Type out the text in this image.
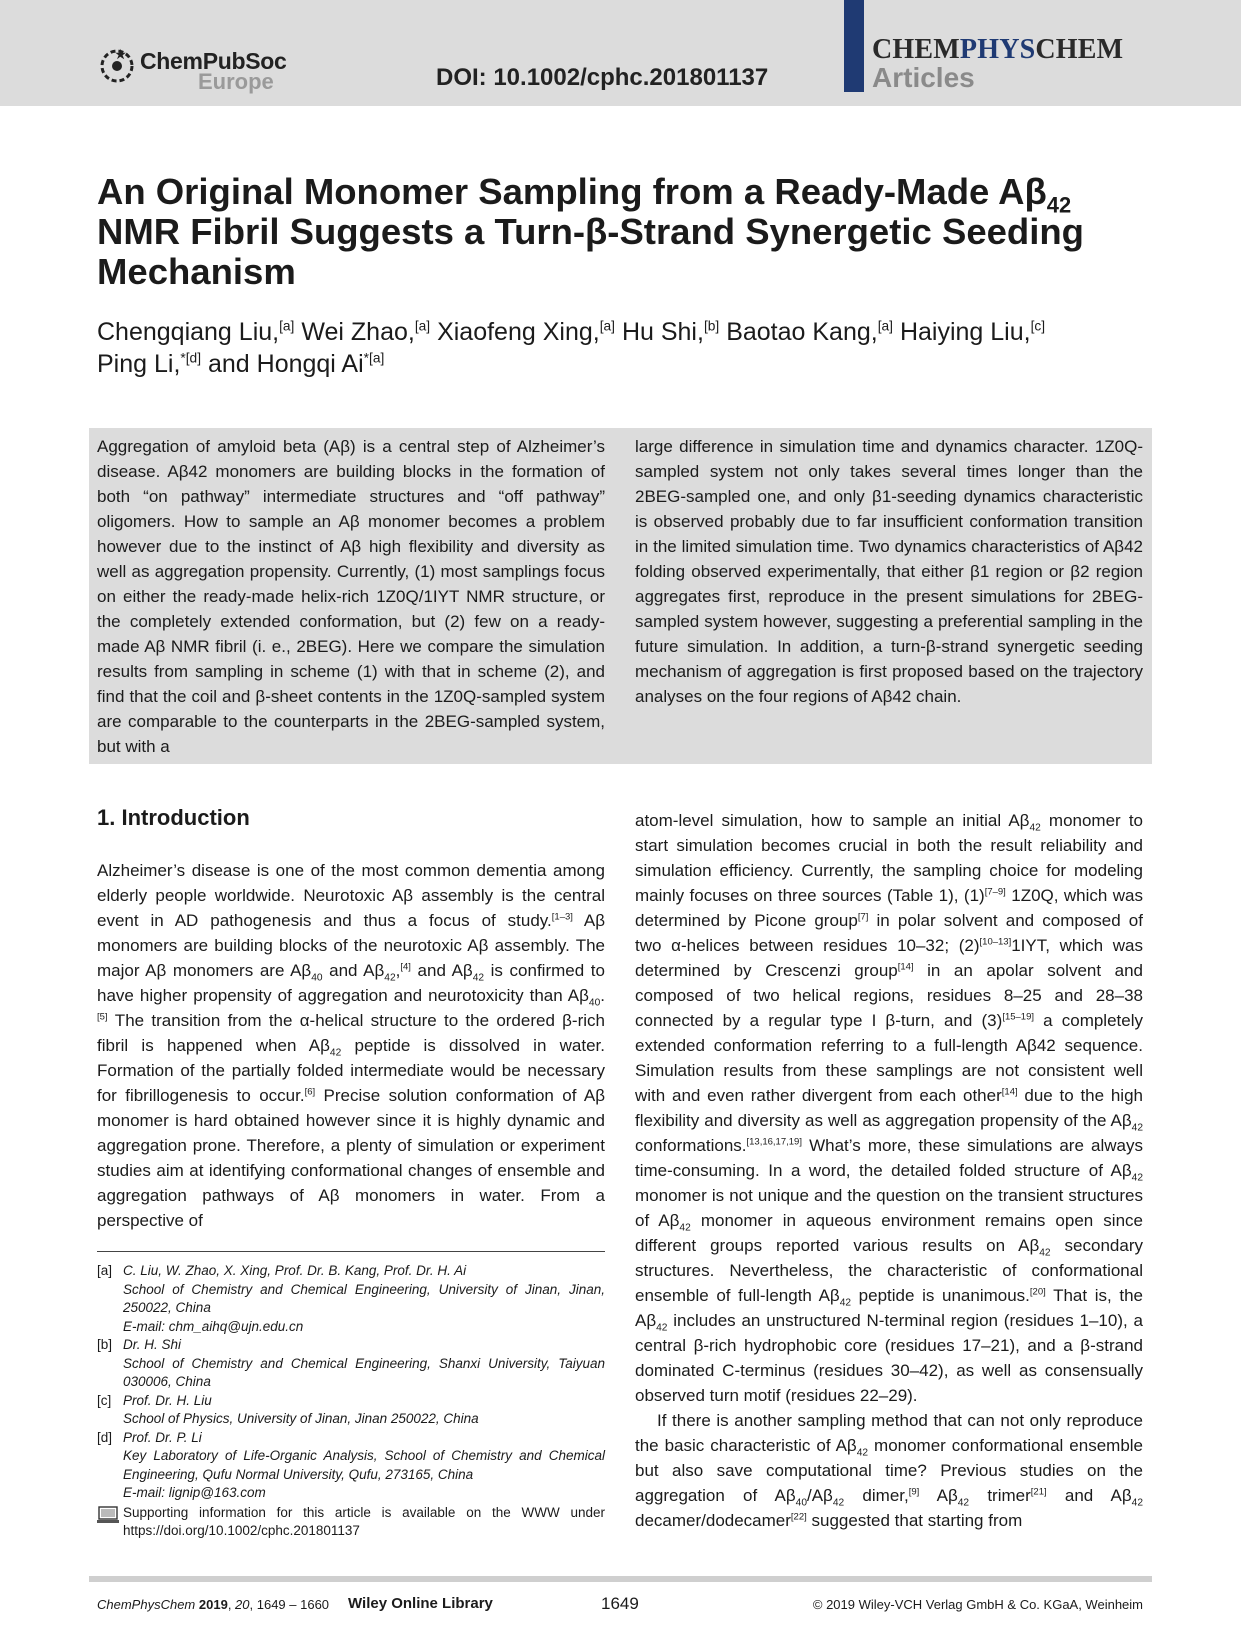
ChemPubSoc
Europe	DOI: 10.1002/cphc.201801137
CHEMPHYSCHEM
Articles
An Original Monomer Sampling from a Ready-Made $A\beta_{42}$
NMR Fibril Suggests a Turn-β-Strand Synergetic Seeding
Mechanism
Chengqiang Liu,[a] Wei Zhao,[a] Xiaofeng Xing,[a] Hu Shi,[b] Baotao Kang,[a] Haiying Liu,[c]
Ping Li,$^{*[d]}$ and Hongqi $Ai^{*[a]}$
Aggregation of amyloid beta (Aβ) is a central step of Alzheimer’s disease. Aβ42 monomers are building blocks in the formation of both “on pathway” intermediate structures and “off pathway” oligomers. How to sample an Aβ monomer becomes a problem however due to the instinct of Aβ high flexibility and diversity as well as aggregation propensity. Currently, (1) most samplings focus on either the ready-made helix-rich 1Z0Q/1IYT NMR structure, or the completely extended conformation, but (2) few on a ready-made Aβ NMR fibril (i. e., 2BEG). Here we compare the simulation results from sampling in scheme (1) with that in scheme (2), and find that the coil and β-sheet contents in the 1Z0Q-sampled system are comparable to the counterparts in the 2BEG-sampled system, but with a
large difference in simulation time and dynamics character. 1Z0Q-sampled system not only takes several times longer than the 2BEG-sampled one, and only β1-seeding dynamics characteristic is observed probably due to far insufficient conformation transition in the limited simulation time. Two dynamics characteristics of Aβ42 folding observed experimentally, that either β1 region or β2 region aggregates first, reproduce in the present simulations for 2BEG-sampled system however, suggesting a preferential sampling in the future simulation. In addition, a turn-β-strand synergetic seeding mechanism of aggregation is first proposed based on the trajectory analyses on the four regions of Aβ42 chain.
1. Introduction
Alzheimer’s disease is one of the most common dementia among elderly people worldwide. Neurotoxic Aβ assembly is the central event in AD pathogenesis and thus a focus of study.[1–3] Aβ monomers are building blocks of the neurotoxic Aβ assembly. The major Aβ monomers are $A\beta_{40}$ and $A\beta_{42},[4]$ and $A\beta_{42}$ is confirmed to have higher propensity of aggregation and neurotoxicity than $A\beta_{40}.[5]$ The transition from the α-helical structure to the ordered β-rich fibril is happened when $A\beta_{42}$ peptide is dissolved in water. Formation of the partially folded intermediate would be necessary for fibrillogenesis to occur.[6] Precise solution conformation of Aβ monomer is hard obtained however since it is highly dynamic and aggregation prone. Therefore, a plenty of simulation or experiment studies aim at identifying conformational changes of ensemble and aggregation pathways of Aβ monomers in water. From a perspective of

atom-level simulation, how to sample an initial $A\beta_{42}$ monomer to start simulation becomes crucial in both the result reliability and simulation efficiency. Currently, the sampling choice for modeling mainly focuses on three sources (Table 1), (1)[7–9] 1Z0Q, which was determined by Picone group[7] in polar solvent and composed of two α-helices between residues 10–32; (2)[10–13]1IYT, which was determined by Crescenzi group[14] in an apolar solvent and composed of two helical regions, residues 8–25 and 28–38 connected by a regular type I β-turn, and (3)[15–19] a completely extended conformation referring to a full-length Aβ42 sequence. Simulation results from these samplings are not consistent well with and even rather divergent from each other[14] due to the high flexibility and diversity as well as aggregation propensity of the $A\beta_{42}$ conformations.[13,16,17,19] What’s more, these simulations are always time-consuming. In a word, the detailed folded structure of $A\beta_{42}$ monomer is not unique and the question on the transient structures of $A\beta_{42}$ monomer in aqueous environment remains open since different groups reported various results on $A\beta_{42}$ secondary structures. Nevertheless, the characteristic of conformational ensemble of full-length $A\beta_{42}$ peptide is unanimous.[20] That is, the $A\beta_{42}$ includes an unstructured N-terminal region (residues 1–10), a central β-rich hydrophobic core (residues 17–21), and a β-strand dominated C-terminus (residues 30–42), as well as consensually observed turn motif (residues 22–29).

If there is another sampling method that can not only reproduce the basic characteristic of $A\beta_{42}$ monomer conformational ensemble but also save computational time? Previous studies on the aggregation of $A\beta_{40}/A\beta_{42}$ dimer,[9] $A\beta_{42}$ trimer[21] and $A\beta_{42}$ decamer/dodecamer[22] suggested that starting from

[a] C. Liu, W. Zhao, X. Xing, Prof. Dr. B. Kang, Prof. Dr. H. Ai
School of Chemistry and Chemical Engineering, University of Jinan, Jinan, 250022, China
E-mail: chm_aihq@ujn.edu.cn
[b] Dr. H. Shi
School of Chemistry and Chemical Engineering, Shanxi University, Taiyuan 030006, China
[c] Prof. Dr. H. Liu
School of Physics, University of Jinan, Jinan 250022, China
[d] Prof. Dr. P. Li
Key Laboratory of Life-Organic Analysis, School of Chemistry and Chemical Engineering, Qufu Normal University, Qufu, 273165, China
E-mail: lignip@163.com
Supporting information for this article is available on the WWW under https://doi.org/10.1002/cphc.201801137
ChemPhysChem 2019, 20, 1649 – 1660 Wiley Online Library	1649	© 2019 Wiley-VCH Verlag GmbH & Co. KGaA, Weinheim
